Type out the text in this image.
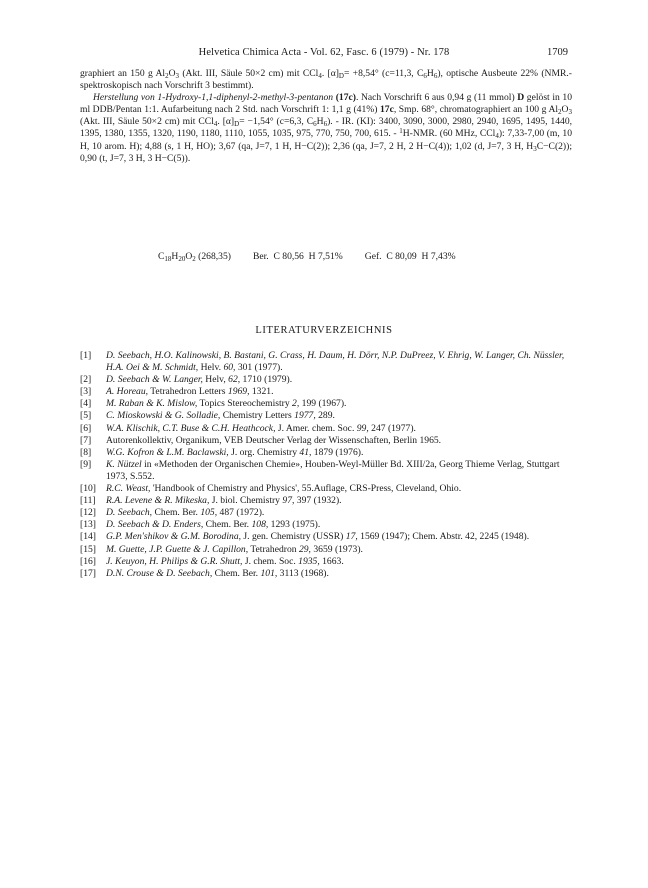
Helvetica Chimica Acta - Vol. 62, Fasc. 6 (1979) - Nr. 178	1709

graphiert an 150 g $Al_2O_3$ (Akt. III, Säule 50×2 cm) mit CCl$_4$. $[\alpha]_D= +8,54^\circ$ (c=11,3, $C_6H_6$), optische Ausbeute 22% (NMR.-spektroskopisch nach Vorschrift 3 bestimmt).

Herstellung von 1-Hydroxy-1,1-diphenyl-2-methyl-3-pentanon (17c). Nach Vorschrift 6 aus 0,94 g (11 mmol) D gelöst in 10 ml DDB/Pentan 1:1. Aufarbeitung nach 2 Std. nach Vorschrift 1: 1,1 g (41%) 17c, Smp. 68°, chromatographiert an 100 g $Al_2O_3$ (Akt. III, Säule 50×2 cm) mit CCl$_4$. $[\alpha]_D= -1,54^\circ$ (c=6,3, $C_6H_6$). - IR. (KI): 3400, 3090, 3000, 2980, 2940, 1695, 1495, 1440, 1395, 1380, 1355, 1320, 1190, 1180, 1110, 1055, 1035, 975, 770, 750, 700, 615. - $^1$H-NMR. (60 MHz, CCl$_4$): 7,33-7,00 (m, 10 H, 10 arom. H); 4,88 (s, 1 H, HO); 3,67 (qa, J=7, 1 H, H−C(2)); 2,36 (qa, J=7, 2 H, 2 H−C(4)); 1,02 (d, J=7, 3 H, $H_3C-C(2)$); 0,90 (t, J=7, 3 H, 3 H−C(5)).

$C_{18}H_{20}O_2$ (268,35) Ber.  C 80,56  H 7,51% Gef.  C 80,09  H 7,43%
LITERATURVERZEICHNIS
[1]	D. Seebach, H.O. Kalinowski, B. Bastani, G. Crass, H. Daum, H. Dörr, N.P. DuPreez, V. Ehrig, W. Langer, Ch. Nüssler, H.A. Oei & M. Schmidt, Helv. 60, 301 (1977).
[2]	D. Seebach & W. Langer, Helv, 62, 1710 (1979).
[3]	A. Horeau, Tetrahedron Letters 1969, 1321.
[4]	M. Raban & K. Mislow, Topics Stereochemistry 2, 199 (1967).
[5]	C. Mioskowski & G. Solladie, Chemistry Letters 1977, 289.
[6]	W.A. Klischik, C.T. Buse & C.H. Heathcock, J. Amer. chem. Soc. 99, 247 (1977).
[7]	Autorenkollektiv, Organikum, VEB Deutscher Verlag der Wissenschaften, Berlin 1965.
[8]	W.G. Kofron & L.M. Baclawski, J. org. Chemistry 41, 1879 (1976).
[9]	K. Nützel in «Methoden der Organischen Chemie», Houben-Weyl-Müller Bd. XIII/2a, Georg Thieme Verlag, Stuttgart 1973, S.552.
[10]	R.C. Weast, 'Handbook of Chemistry and Physics', 55.Auflage, CRS-Press, Cleveland, Ohio.
[11]	R.A. Levene & R. Mikeska, J. biol. Chemistry 97, 397 (1932).
[12]	D. Seebach, Chem. Ber. 105, 487 (1972).
[13]	D. Seebach & D. Enders, Chem. Ber. 108, 1293 (1975).
[14]	G.P. Men'shikov & G.M. Borodina, J. gen. Chemistry (USSR) 17, 1569 (1947); Chem. Abstr. 42, 2245 (1948).
[15]	M. Guette, J.P. Guette & J. Capillon, Tetrahedron 29, 3659 (1973).
[16]	J. Keuyon, H. Philips & G.R. Shutt, J. chem. Soc. 1935, 1663.
[17]	D.N. Crouse & D. Seebach, Chem. Ber. 101, 3113 (1968).
